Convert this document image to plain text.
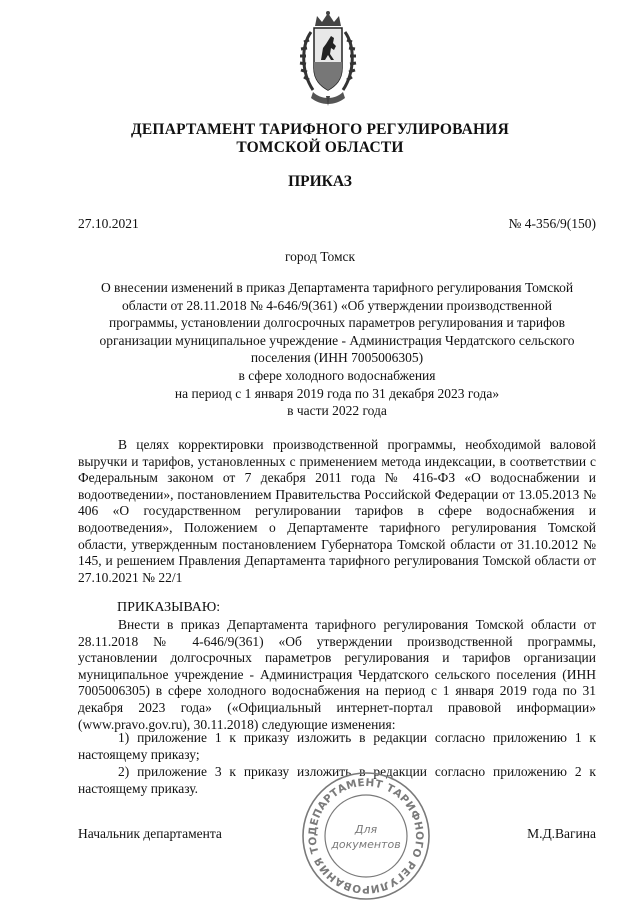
ДЕПАРТАМЕНТ ТАРИФНОГО РЕГУЛИРОВАНИЯ
ТОМСКОЙ ОБЛАСТИ
ПРИКАЗ
27.10.2021	№ 4-356/9(150)
город Томск
О внесении изменений в приказ Департамента тарифного регулирования Томской
области от 28.11.2018 № 4-646/9(361) «Об утверждении производственной
программы, установлении долгосрочных параметров регулирования и тарифов
организации муниципальное учреждение - Администрация Чердатского сельского
поселения (ИНН 7005006305)
в сфере холодного водоснабжения
на период с 1 января 2019 года по 31 декабря 2023 года»
в части 2022 года

В целях корректировки производственной программы, необходимой валовой выручки и тарифов, установленных с применением метода индексации, в соответствии с Федеральным законом от 7 декабря 2011 года № 416-ФЗ «О водоснабжении и водоотведении», постановлением Правительства Российской Федерации от 13.05.2013 № 406 «О государственном регулировании тарифов в сфере водоснабжения и водоотведения», Положением о Департаменте тарифного регулирования Томской области, утвержденным постановлением Губернатора Томской области от 31.10.2012 № 145, и решением Правления Департамента тарифного регулирования Томской области от 27.10.2021 № 22/1

ПРИКАЗЫВАЮ:

Внести в приказ Департамента тарифного регулирования Томской области от 28.11.2018 № 4-646/9(361) «Об утверждении производственной программы, установлении долгосрочных параметров регулирования и тарифов организации муниципальное учреждение - Администрация Чердатского сельского поселения (ИНН 7005006305) в сфере холодного водоснабжения на период с 1 января 2019 года по 31 декабря 2023 года» («Официальный интернет-портал правовой информации» (www.pravo.gov.ru), 30.11.2018) следующие изменения:

1) приложение 1 к приказу изложить в редакции согласно приложению 1 к настоящему приказу;

2) приложение 3 к приказу изложить в редакции согласно приложению 2 к настоящему приказу.

ДЕПАРТАМЕНТ ТАРИФНОГО РЕГУЛИРОВАНИЯ ТО
Для
документов
Начальник департамента	М.Д.Вагина
